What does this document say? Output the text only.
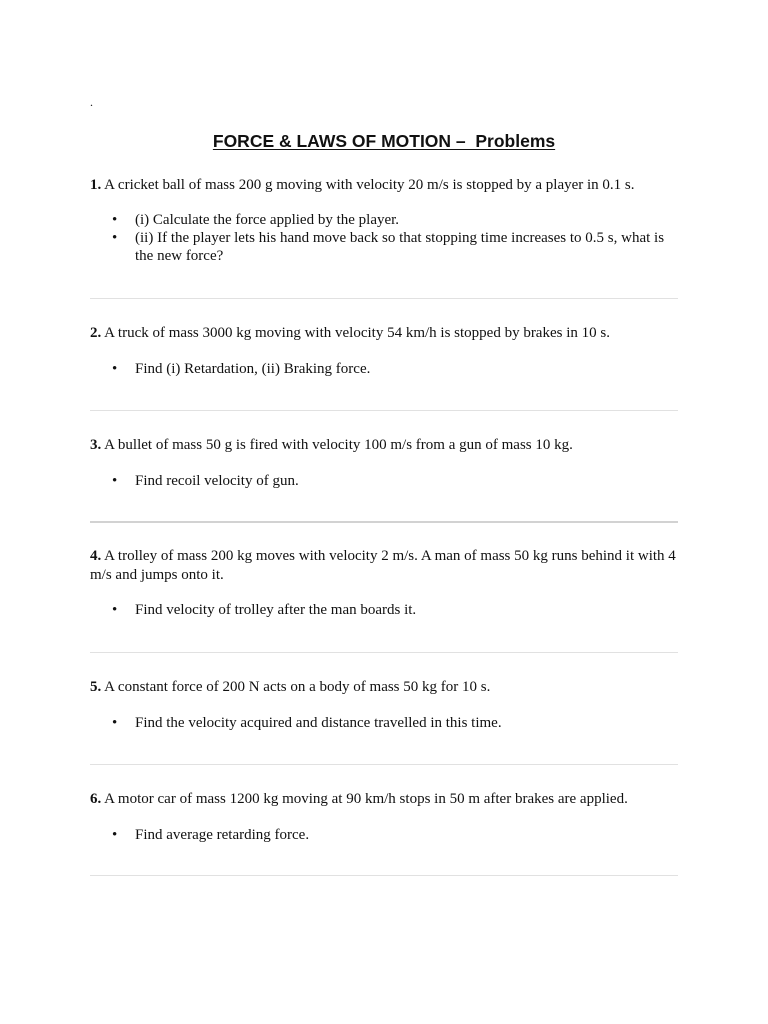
.
FORCE & LAWS OF MOTION –  Problems

1. A cricket ball of mass 200 g moving with velocity 20 m/s is stopped by a player in 0.1 s.

• (i) Calculate the force applied by the player.
• (ii) If the player lets his hand move back so that stopping time increases to 0.5 s, what is the new force?

2. A truck of mass 3000 kg moving with velocity 54 km/h is stopped by brakes in 10 s.

• Find (i) Retardation, (ii) Braking force.

3. A bullet of mass 50 g is fired with velocity 100 m/s from a gun of mass 10 kg.

• Find recoil velocity of gun.

4. A trolley of mass 200 kg moves with velocity 2 m/s. A man of mass 50 kg runs behind it with 4 m/s and jumps onto it.

• Find velocity of trolley after the man boards it.

5. A constant force of 200 N acts on a body of mass 50 kg for 10 s.

• Find the velocity acquired and distance travelled in this time.

6. A motor car of mass 1200 kg moving at 90 km/h stops in 50 m after brakes are applied.

• Find average retarding force.
